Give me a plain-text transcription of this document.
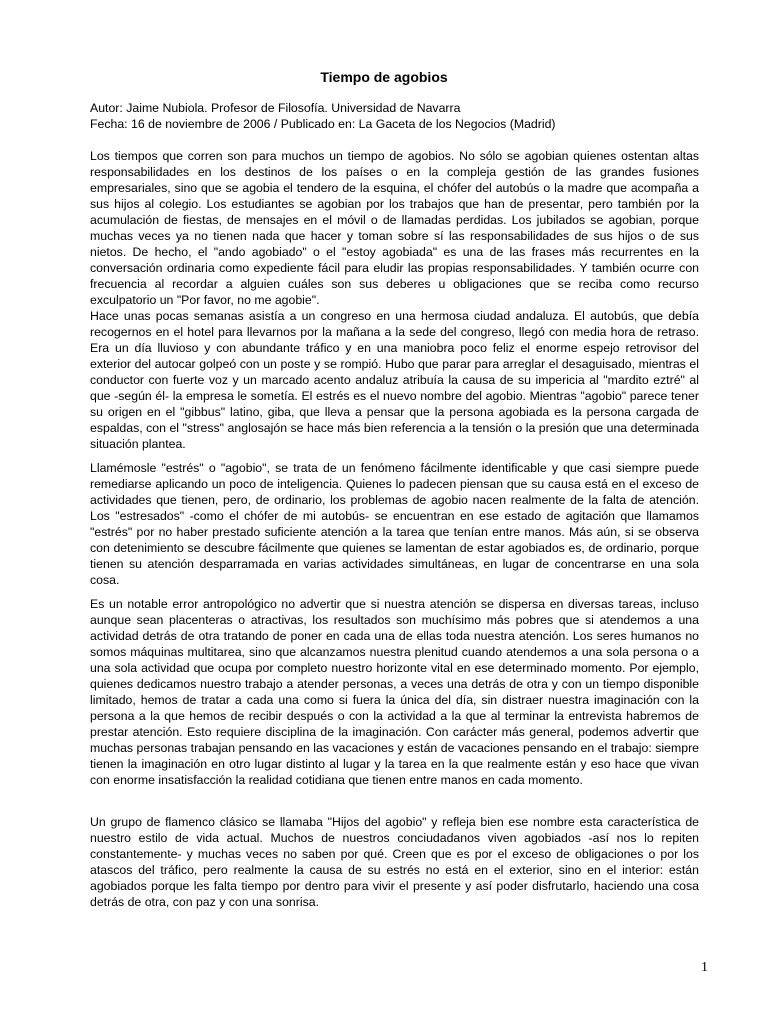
Tiempo de agobios

Autor: Jaime Nubiola. Profesor de Filosofía. Universidad de Navarra

Fecha: 16 de noviembre de 2006 / Publicado en: La Gaceta de los Negocios (Madrid)

Los tiempos que corren son para muchos un tiempo de agobios. No sólo se agobian quienes ostentan altas responsabilidades en los destinos de los países o en la compleja gestión de las grandes fusiones empresariales, sino que se agobia el tendero de la esquina, el chófer del autobús o la madre que acompaña a sus hijos al colegio. Los estudiantes se agobian por los trabajos que han de presentar, pero también por la acumulación de fiestas, de mensajes en el móvil o de llamadas perdidas. Los jubilados se agobian, porque muchas veces ya no tienen nada que hacer y toman sobre sí las responsabilidades de sus hijos o de sus nietos. De hecho, el "ando agobiado" o el "estoy agobiada" es una de las frases más recurrentes en la conversación ordinaria como expediente fácil para eludir las propias responsabilidades. Y también ocurre con frecuencia al recordar a alguien cuáles son sus deberes u obligaciones que se reciba como recurso exculpatorio un "Por favor, no me agobie".

Hace unas pocas semanas asistía a un congreso en una hermosa ciudad andaluza. El autobús, que debía recogernos en el hotel para llevarnos por la mañana a la sede del congreso, llegó con media hora de retraso. Era un día lluvioso y con abundante tráfico y en una maniobra poco feliz el enorme espejo retrovisor del exterior del autocar golpeó con un poste y se rompió. Hubo que parar para arreglar el desaguisado, mientras el conductor con fuerte voz y un marcado acento andaluz atribuía la causa de su impericia al "mardito eztré" al que -según él- la empresa le sometía. El estrés es el nuevo nombre del agobio. Mientras "agobio" parece tener su origen en el "gibbus" latino, giba, que lleva a pensar que la persona agobiada es la persona cargada de espaldas, con el "stress" anglosajón se hace más bien referencia a la tensión o la presión que una determinada situación plantea.

Llamémosle "estrés" o "agobio", se trata de un fenómeno fácilmente identificable y que casi siempre puede remediarse aplicando un poco de inteligencia. Quienes lo padecen piensan que su causa está en el exceso de actividades que tienen, pero, de ordinario, los problemas de agobio nacen realmente de la falta de atención. Los "estresados" -como el chófer de mi autobús- se encuentran en ese estado de agitación que llamamos "estrés" por no haber prestado suficiente atención a la tarea que tenían entre manos. Más aún, si se observa con detenimiento se descubre fácilmente que quienes se lamentan de estar agobiados es, de ordinario, porque tienen su atención desparramada en varias actividades simultáneas, en lugar de concentrarse en una sola cosa.

Es un notable error antropológico no advertir que si nuestra atención se dispersa en diversas tareas, incluso aunque sean placenteras o atractivas, los resultados son muchísimo más pobres que si atendemos a una actividad detrás de otra tratando de poner en cada una de ellas toda nuestra atención. Los seres humanos no somos máquinas multitarea, sino que alcanzamos nuestra plenitud cuando atendemos a una sola persona o a una sola actividad que ocupa por completo nuestro horizonte vital en ese determinado momento. Por ejemplo, quienes dedicamos nuestro trabajo a atender personas, a veces una detrás de otra y con un tiempo disponible limitado, hemos de tratar a cada una como si fuera la única del día, sin distraer nuestra imaginación con la persona a la que hemos de recibir después o con la actividad a la que al terminar la entrevista habremos de prestar atención. Esto requiere disciplina de la imaginación. Con carácter más general, podemos advertir que muchas personas trabajan pensando en las vacaciones y están de vacaciones pensando en el trabajo: siempre tienen la imaginación en otro lugar distinto al lugar y la tarea en la que realmente están y eso hace que vivan con enorme insatisfacción la realidad cotidiana que tienen entre manos en cada momento.

Un grupo de flamenco clásico se llamaba "Hijos del agobio" y refleja bien ese nombre esta característica de nuestro estilo de vida actual. Muchos de nuestros conciudadanos viven agobiados -así nos lo repiten constantemente- y muchas veces no saben por qué. Creen que es por el exceso de obligaciones o por los atascos del tráfico, pero realmente la causa de su estrés no está en el exterior, sino en el interior: están agobiados porque les falta tiempo por dentro para vivir el presente y así poder disfrutarlo, haciendo una cosa detrás de otra, con paz y con una sonrisa.

1
